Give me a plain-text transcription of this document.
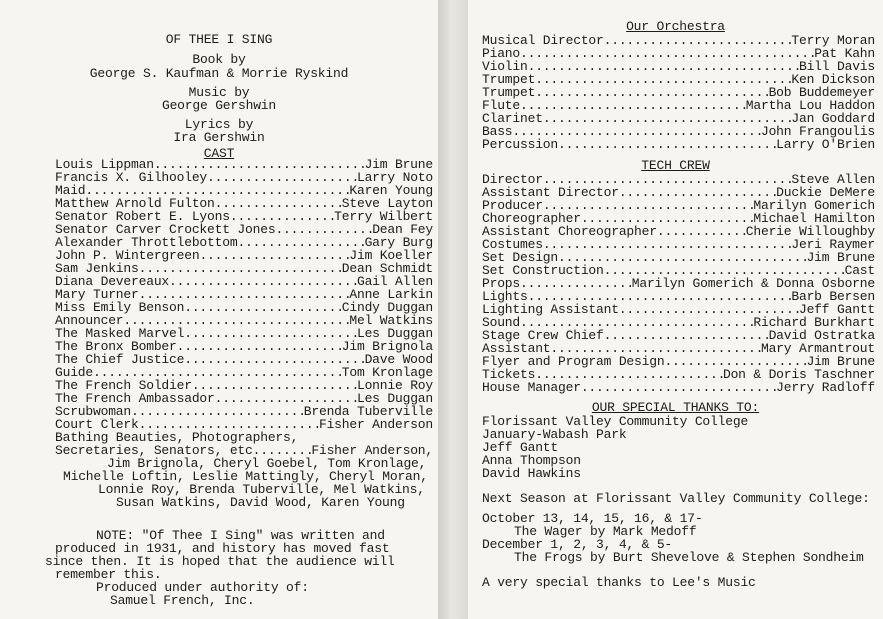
OF THEE I SING
Book by
George S. Kaufman & Morrie Ryskind
Music by
George Gershwin
Lyrics by
Ira Gershwin
CAST
Louis Lippman .....	Jim Brune
Francis X. Gilhooley .....	Larry Noto
Maid .....	Karen Young
Matthew Arnold Fulton .....	Steve Layton
Senator Robert E. Lyons .....	Terry Wilbert
Senator Carver Crockett Jones .....	Dean Fey
Alexander Throttlebottom .....	Gary Burg
John P. Wintergreen .....	Jim Koeller
Sam Jenkins .....	Dean Schmidt
Diana Devereaux .....	Gail Allen
Mary Turner .....	Anne Larkin
Miss Emily Benson .....	Cindy Duggan
Announcer .....	Mel Watkins
The Masked Marvel .....	Les Duggan
The Bronx Bomber .....	Jim Brignola
The Chief Justice .....	Dave Wood
Guide .....	Tom Kronlage
The French Soldier .....	Lonnie Roy
The French Ambassador .....	Les Duggan
Scrubwoman .....	Brenda Tuberville
Court Clerk .....	Fisher Anderson
Bathing Beauties, Photographers,
Secretaries, Senators, etc .....	Fisher Anderson,
Jim Brignola, Cheryl Goebel, Tom Kronlage,
Michelle Loftin, Leslie Mattingly, Cheryl Moran,
Lonnie Roy, Brenda Tuberville, Mel Watkins,
Susan Watkins, David Wood, Karen Young
NOTE: "Of Thee I Sing" was written and
produced in 1931, and history has moved fast
since then. It is hoped that the audience will
remember this.
Produced under authority of:
Samuel French, Inc.
Our Orchestra
Musical Director .....	Terry Moran
Piano .....	Pat Kahn
Violin .....	Bill Davis
Trumpet .....	Ken Dickson
Trumpet .....	Bob Buddemeyer
Flute .....	Martha Lou Haddon
Clarinet .....	Jan Goddard
Bass .....	John Frangoulis
Percussion .....	Larry O'Brien
TECH CREW
Director .....	Steve Allen
Assistant Director .....	Duckie DeMere
Producer .....	Marilyn Gomerich
Choreographer .....	Michael Hamilton
Assistant Choreographer .....	Cherie Willoughby
Costumes .....	Jeri Raymer
Set Design .....	Jim Brune
Set Construction .....	Cast
Props .....	Marilyn Gomerich & Donna Osborne
Lights .....	Barb Bersen
Lighting Assistant .....	Jeff Gantt
Sound .....	Richard Burkhart
Stage Crew Chief .....	David Ostratka
Assistant .....	Mary Armantrout
Flyer and Program Design .....	Jim Brune
Tickets .....	Don & Doris Taschner
House Manager .....	Jerry Radloff
OUR SPECIAL THANKS TO:
Florissant Valley Community College
January-Wabash Park
Jeff Gantt
Anna Thompson
David Hawkins
Next Season at Florissant Valley Community College:
October 13, 14, 15, 16, & 17-
The Wager by Mark Medoff
December 1, 2, 3, 4, & 5-
The Frogs by Burt Shevelove & Stephen Sondheim
A very special thanks to Lee's Music
